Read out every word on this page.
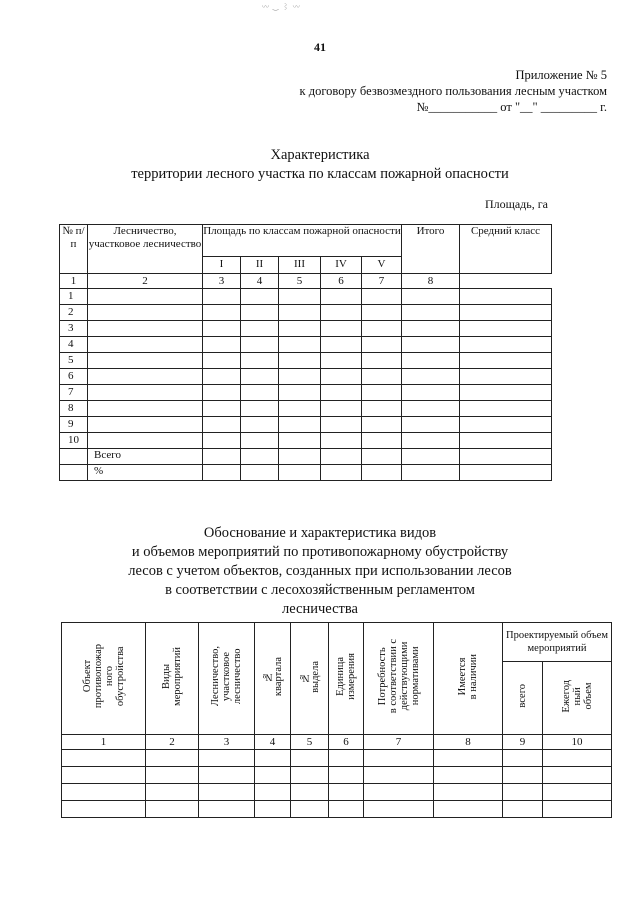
〰 ‿ ⌇ 〰
41
Приложение № 5
к договору безвозмездного пользования лесным участком
№___________ от "__" _________ г.
Характеристика
территории лесного участка по классам пожарной опасности
Площадь, га
№ п/п	Лесничество, участковое лесничество	Площадь по классам пожарной опасности					Итого	Средний класс
		I	II	III	IV	V		
1	2	3	4	5	6	7	8	
1								
2								
3								
4								
5								
6								
7								
8								
9								
10								
	Всего							
	%							
Обоснование и характеристика видов
и объемов мероприятий по противопожарному обустройству
лесов с учетом объектов, созданных при использовании лесов
в соответствии с лесохозяйственным регламентом
лесничества
Объект
противопожар
ного
обустройства	Виды
мероприятий	Лесничество,
участковое
лесничество	№
квартала	№
выдела	Единица
измерения	Потребность
в соответствии с
действующими
нормативами	Имеется
в наличии	Проектируемый объем мероприятий	
								всего	Ежегод
ный
объем
1	2	3	4	5	6	7	8	9	10
